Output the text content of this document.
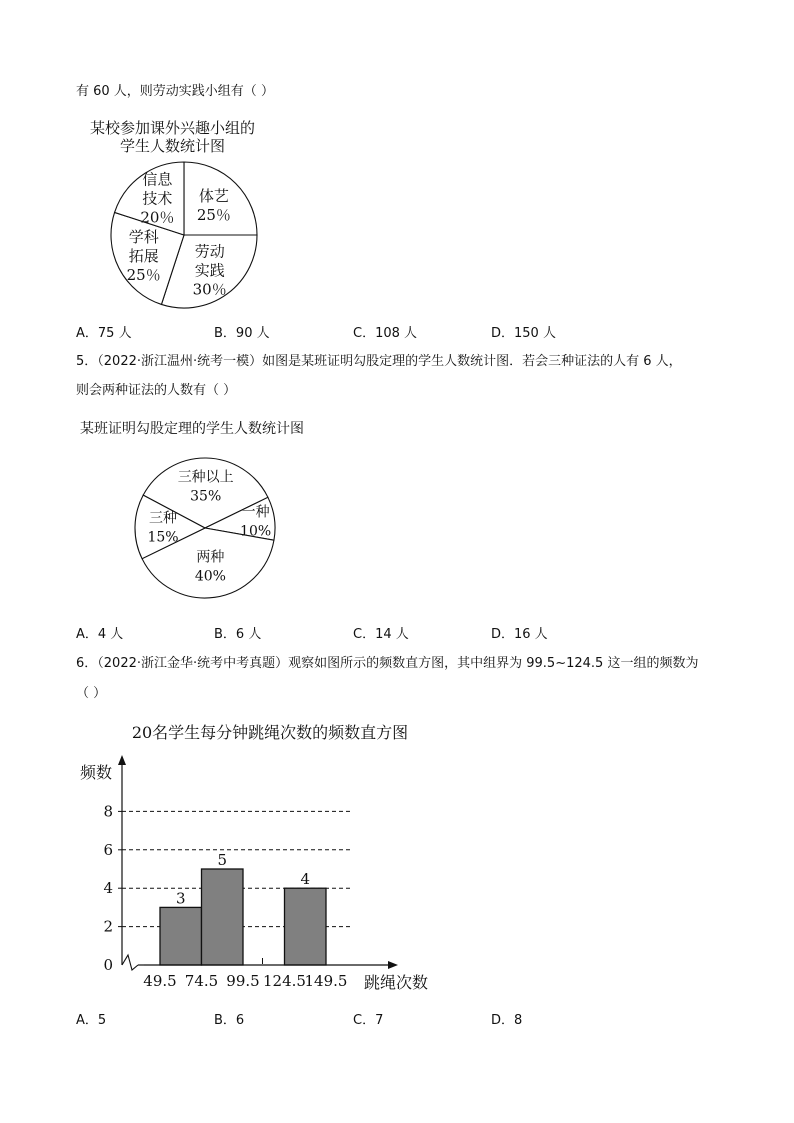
有 60 人，则劳动实践小组有（ ）
某校参加课外兴趣小组的
学生人数统计图
体艺
25％
劳动
实践
30％
学科
拓展
25％
信息
技术
20％
A．75 人	B．90 人	C．108 人	D．150 人
5．（2022·浙江温州·统考一模）如图是某班证明勾股定理的学生人数统计图．若会三种证法的人有 6 人，
则会两种证法的人数有（ ）
某班证明勾股定理的学生人数统计图
三种以上
35%
一种
10%
两种
40%
三种
15%
A．4 人	B．6 人	C．14 人	D．16 人
6．（2022·浙江金华·统考中考真题）观察如图所示的频数直方图，其中组界为 99.5~124.5 这一组的频数为
（ ）
20名学生每分钟跳绳次数的频数直方图
3
5
4
0
2
4
6
8
49.5 74.5 99.5 124.5
149.5
频数
跳绳次数
A．5	B．6	C．7	D．8
